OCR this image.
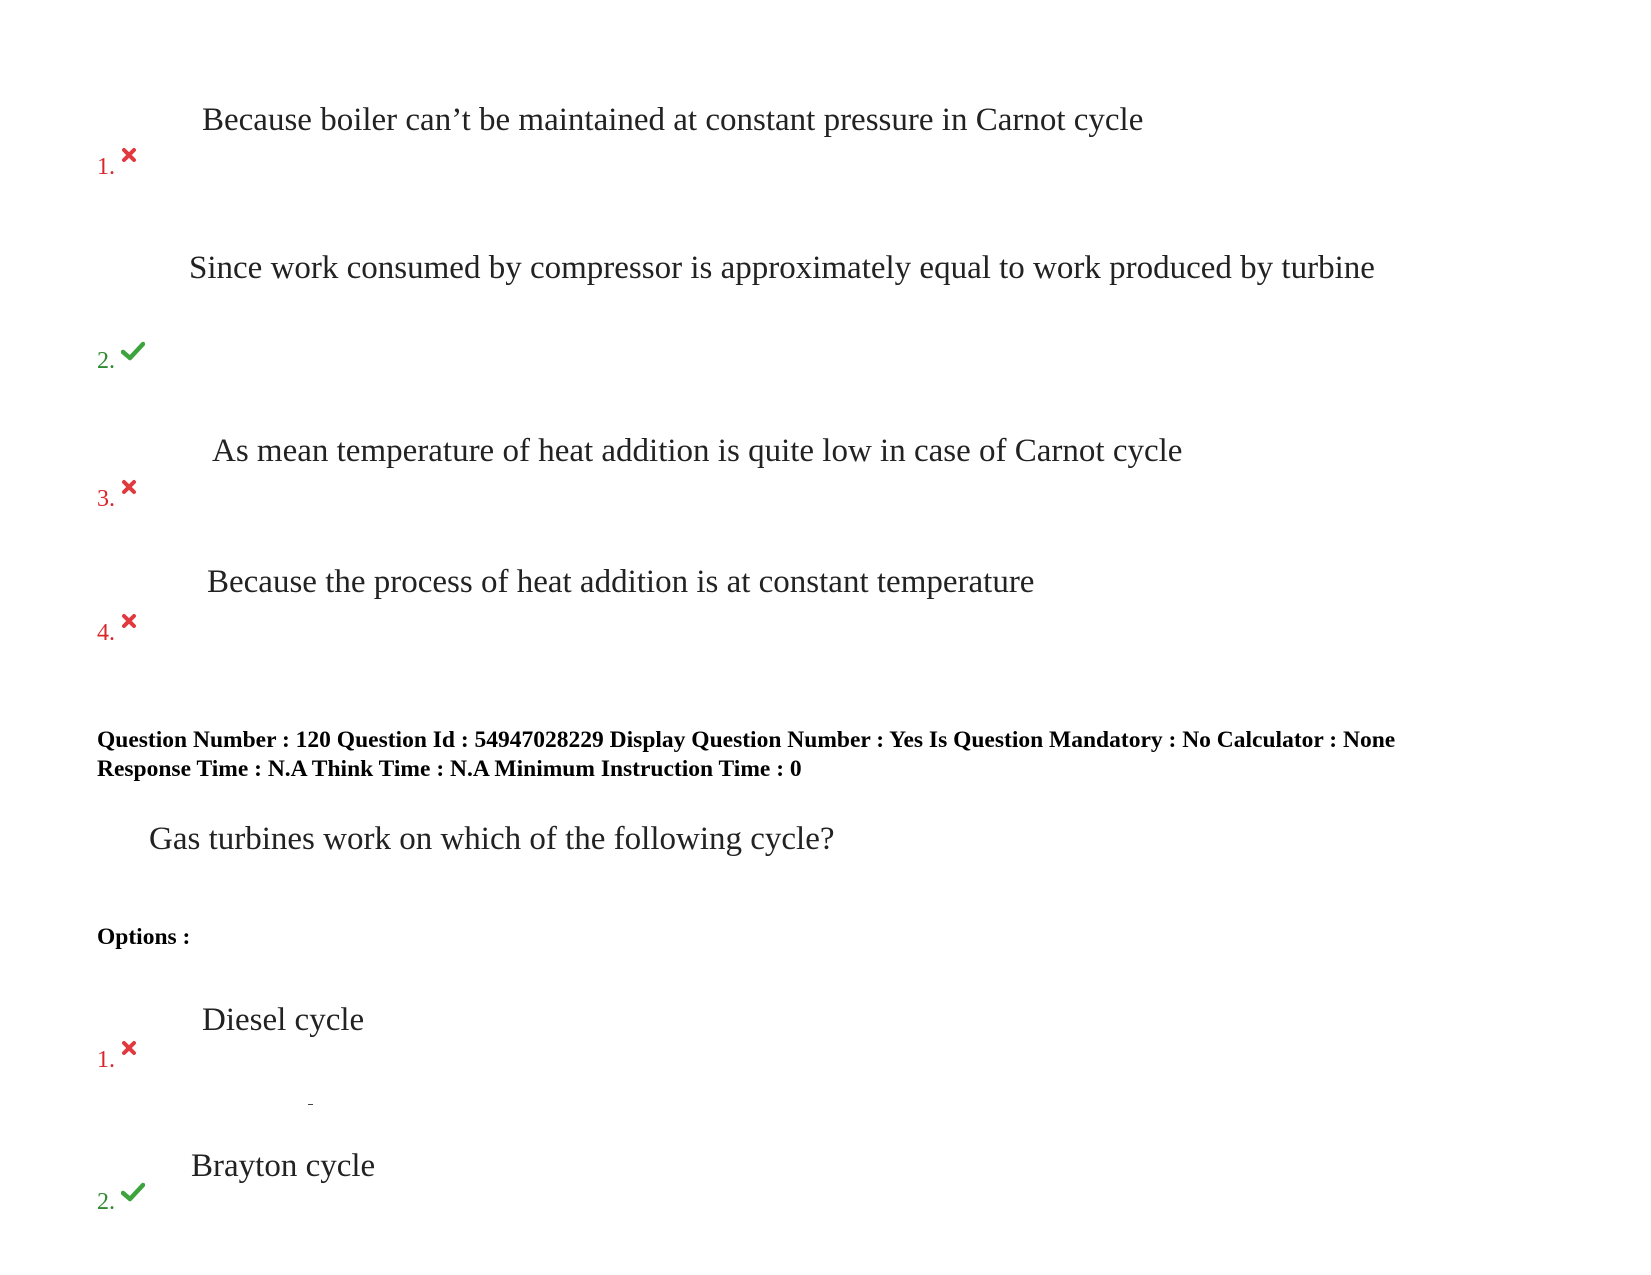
Because boiler can’t be maintained at constant pressure in Carnot cycle
1.
Since work consumed by compressor is approximately equal to work produced by turbine
2.
As mean temperature of heat addition is quite low in case of Carnot cycle
3.
Because the process of heat addition is at constant temperature
4.
Question Number : 120 Question Id : 54947028229 Display Question Number : Yes Is Question Mandatory : No Calculator : None
Response Time : N.A Think Time : N.A Minimum Instruction Time : 0
Gas turbines work on which of the following cycle?
Options :
Diesel cycle
1.
Brayton cycle
2.
